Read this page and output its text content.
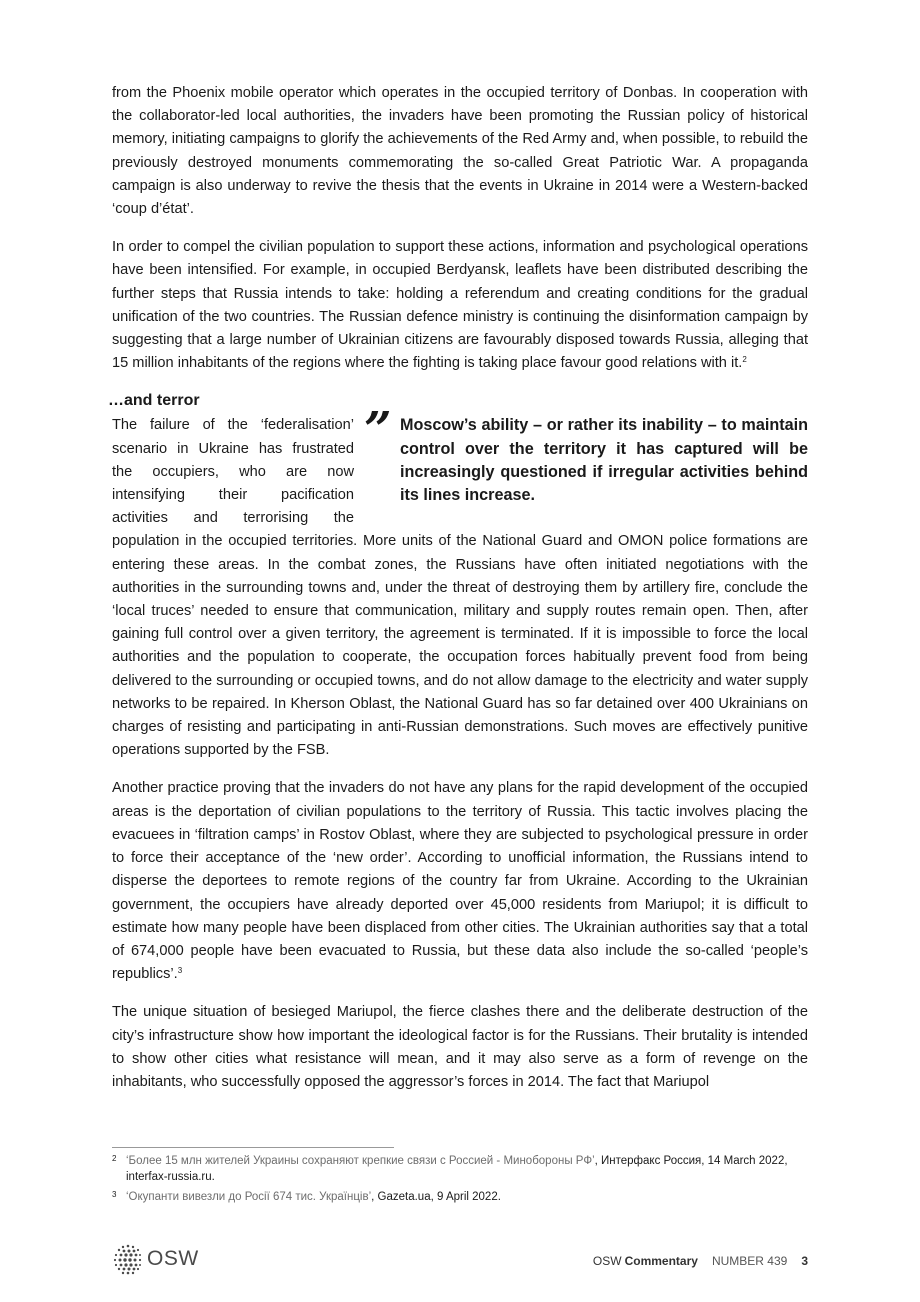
from the Phoenix mobile operator which operates in the occupied territory of Donbas. In cooperation with the collaborator-led local authorities, the invaders have been promoting the Russian policy of historical memory, initiating campaigns to glorify the achievements of the Red Army and, when possible, to rebuild the previously destroyed monuments commemorating the so-called Great Patriotic War. A propaganda campaign is also underway to revive the thesis that the events in Ukraine in 2014 were a Western-backed ‘coup d’état’.

In order to compel the civilian population to support these actions, information and psychological operations have been intensified. For example, in occupied Berdyansk, leaflets have been distributed describing the further steps that Russia intends to take: holding a referendum and creating conditions for the gradual unification of the two countries. The Russian defence ministry is continuing the disinformation campaign by suggesting that a large number of Ukrainian citizens are favourably disposed towards Russia, alleging that 15 million inhabitants of the regions where the fighting is taking place favour good relations with it.$^2$

…and terror
” Moscow’s ability – or rather its inability – to maintain control over the territory it has captured will be increasingly questioned if irregular activities behind its lines increase.

The failure of the ‘federalisation’ scenario in Ukraine has frustrated the occupiers, who are now intensifying their pacification activities and terrorising the population in the occupied territories. More units of the National Guard and OMON police formations are entering these areas. In the combat zones, the Russians have often initiated negotiations with the authorities in the surrounding towns and, under the threat of destroying them by artillery fire, conclude the ‘local truces’ needed to ensure that communication, military and supply routes remain open. Then, after gaining full control over a given territory, the agreement is terminated. If it is impossible to force the local authorities and the population to cooperate, the occupation forces habitually prevent food from being delivered to the surrounding or occupied towns, and do not allow damage to the electricity and water supply networks to be repaired. In Kherson Oblast, the National Guard has so far detained over 400 Ukrainians on charges of resisting and participating in anti-Russian demonstrations. Such moves are effectively punitive operations supported by the FSB.

Another practice proving that the invaders do not have any plans for the rapid development of the occupied areas is the deportation of civilian populations to the territory of Russia. This tactic involves placing the evacuees in ‘filtration camps’ in Rostov Oblast, where they are subjected to psychological pressure in order to force their acceptance of the ‘new order’. According to unofficial information, the Russians intend to disperse the deportees to remote regions of the country far from Ukraine. According to the Ukrainian government, the occupiers have already deported over 45,000 residents from Mariupol; it is difficult to estimate how many people have been displaced from other cities. The Ukrainian authorities say that a total of 674,000 people have been evacuated to Russia, but these data also include the so-called ‘people’s republics’.$^3$

The unique situation of besieged Mariupol, the fierce clashes there and the deliberate destruction of the city’s infrastructure show how important the ideological factor is for the Russians. Their brutality is intended to show other cities what resistance will mean, and it may also serve as a form of revenge on the inhabitants, who successfully opposed the aggressor’s forces in 2014. The fact that Mariupol

2 ‘Более 15 млн жителей Украины сохраняют крепкие связи с Россией - Минобороны РФ’, Интерфакс Россия, 14 March 2022, interfax-russia.ru.
3 ‘Окупанти вивезли до Росії 674 тис. Українців’, Gazeta.ua, 9 April 2022.
OSW	OSW Commentary NUMBER 439 3
